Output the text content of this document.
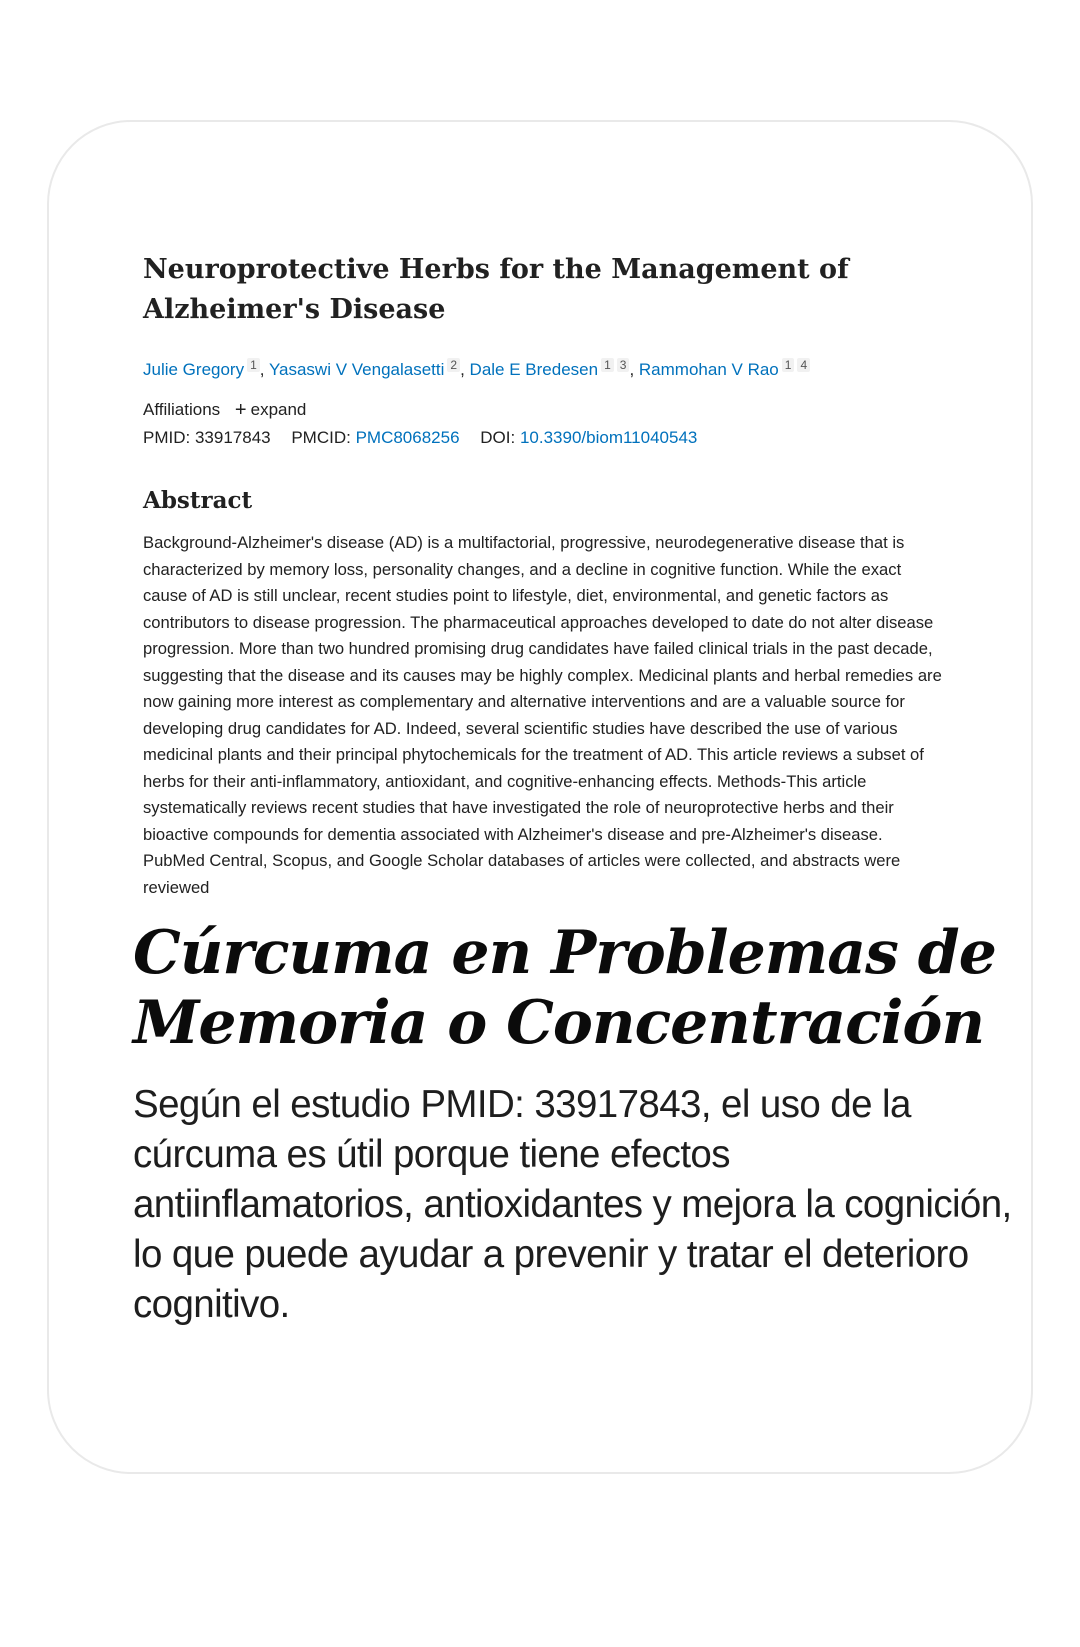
Neuroprotective Herbs for the Management of Alzheimer's Disease
Julie Gregory 1 , Yasaswi V Vengalasetti 2 , Dale E Bredesen 1 3 , Rammohan V Rao 1 4
Affiliations + expand
PMID: 33917843 PMCID: PMC8068256 DOI: 10.3390/biom11040543
Abstract
Background-Alzheimer's disease (AD) is a multifactorial, progressive, neurodegenerative disease that is characterized by memory loss, personality changes, and a decline in cognitive function. While the exact cause of AD is still unclear, recent studies point to lifestyle, diet, environmental, and genetic factors as contributors to disease progression. The pharmaceutical approaches developed to date do not alter disease progression. More than two hundred promising drug candidates have failed clinical trials in the past decade, suggesting that the disease and its causes may be highly complex. Medicinal plants and herbal remedies are now gaining more interest as complementary and alternative interventions and are a valuable source for developing drug candidates for AD. Indeed, several scientific studies have described the use of various medicinal plants and their principal phytochemicals for the treatment of AD. This article reviews a subset of herbs for their anti-inflammatory, antioxidant, and cognitive-enhancing effects. Methods-This article systematically reviews recent studies that have investigated the role of neuroprotective herbs and their bioactive compounds for dementia associated with Alzheimer's disease and pre-Alzheimer's disease. PubMed Central, Scopus, and Google Scholar databases of articles were collected, and abstracts were reviewed
Cúrcuma en Problemas de Memoria o Concentración
Según el estudio PMID: 33917843, el uso de la cúrcuma es útil porque tiene efectos antiinflamatorios, antioxidantes y mejora la cognición, lo que puede ayudar a prevenir y tratar el deterioro cognitivo.
